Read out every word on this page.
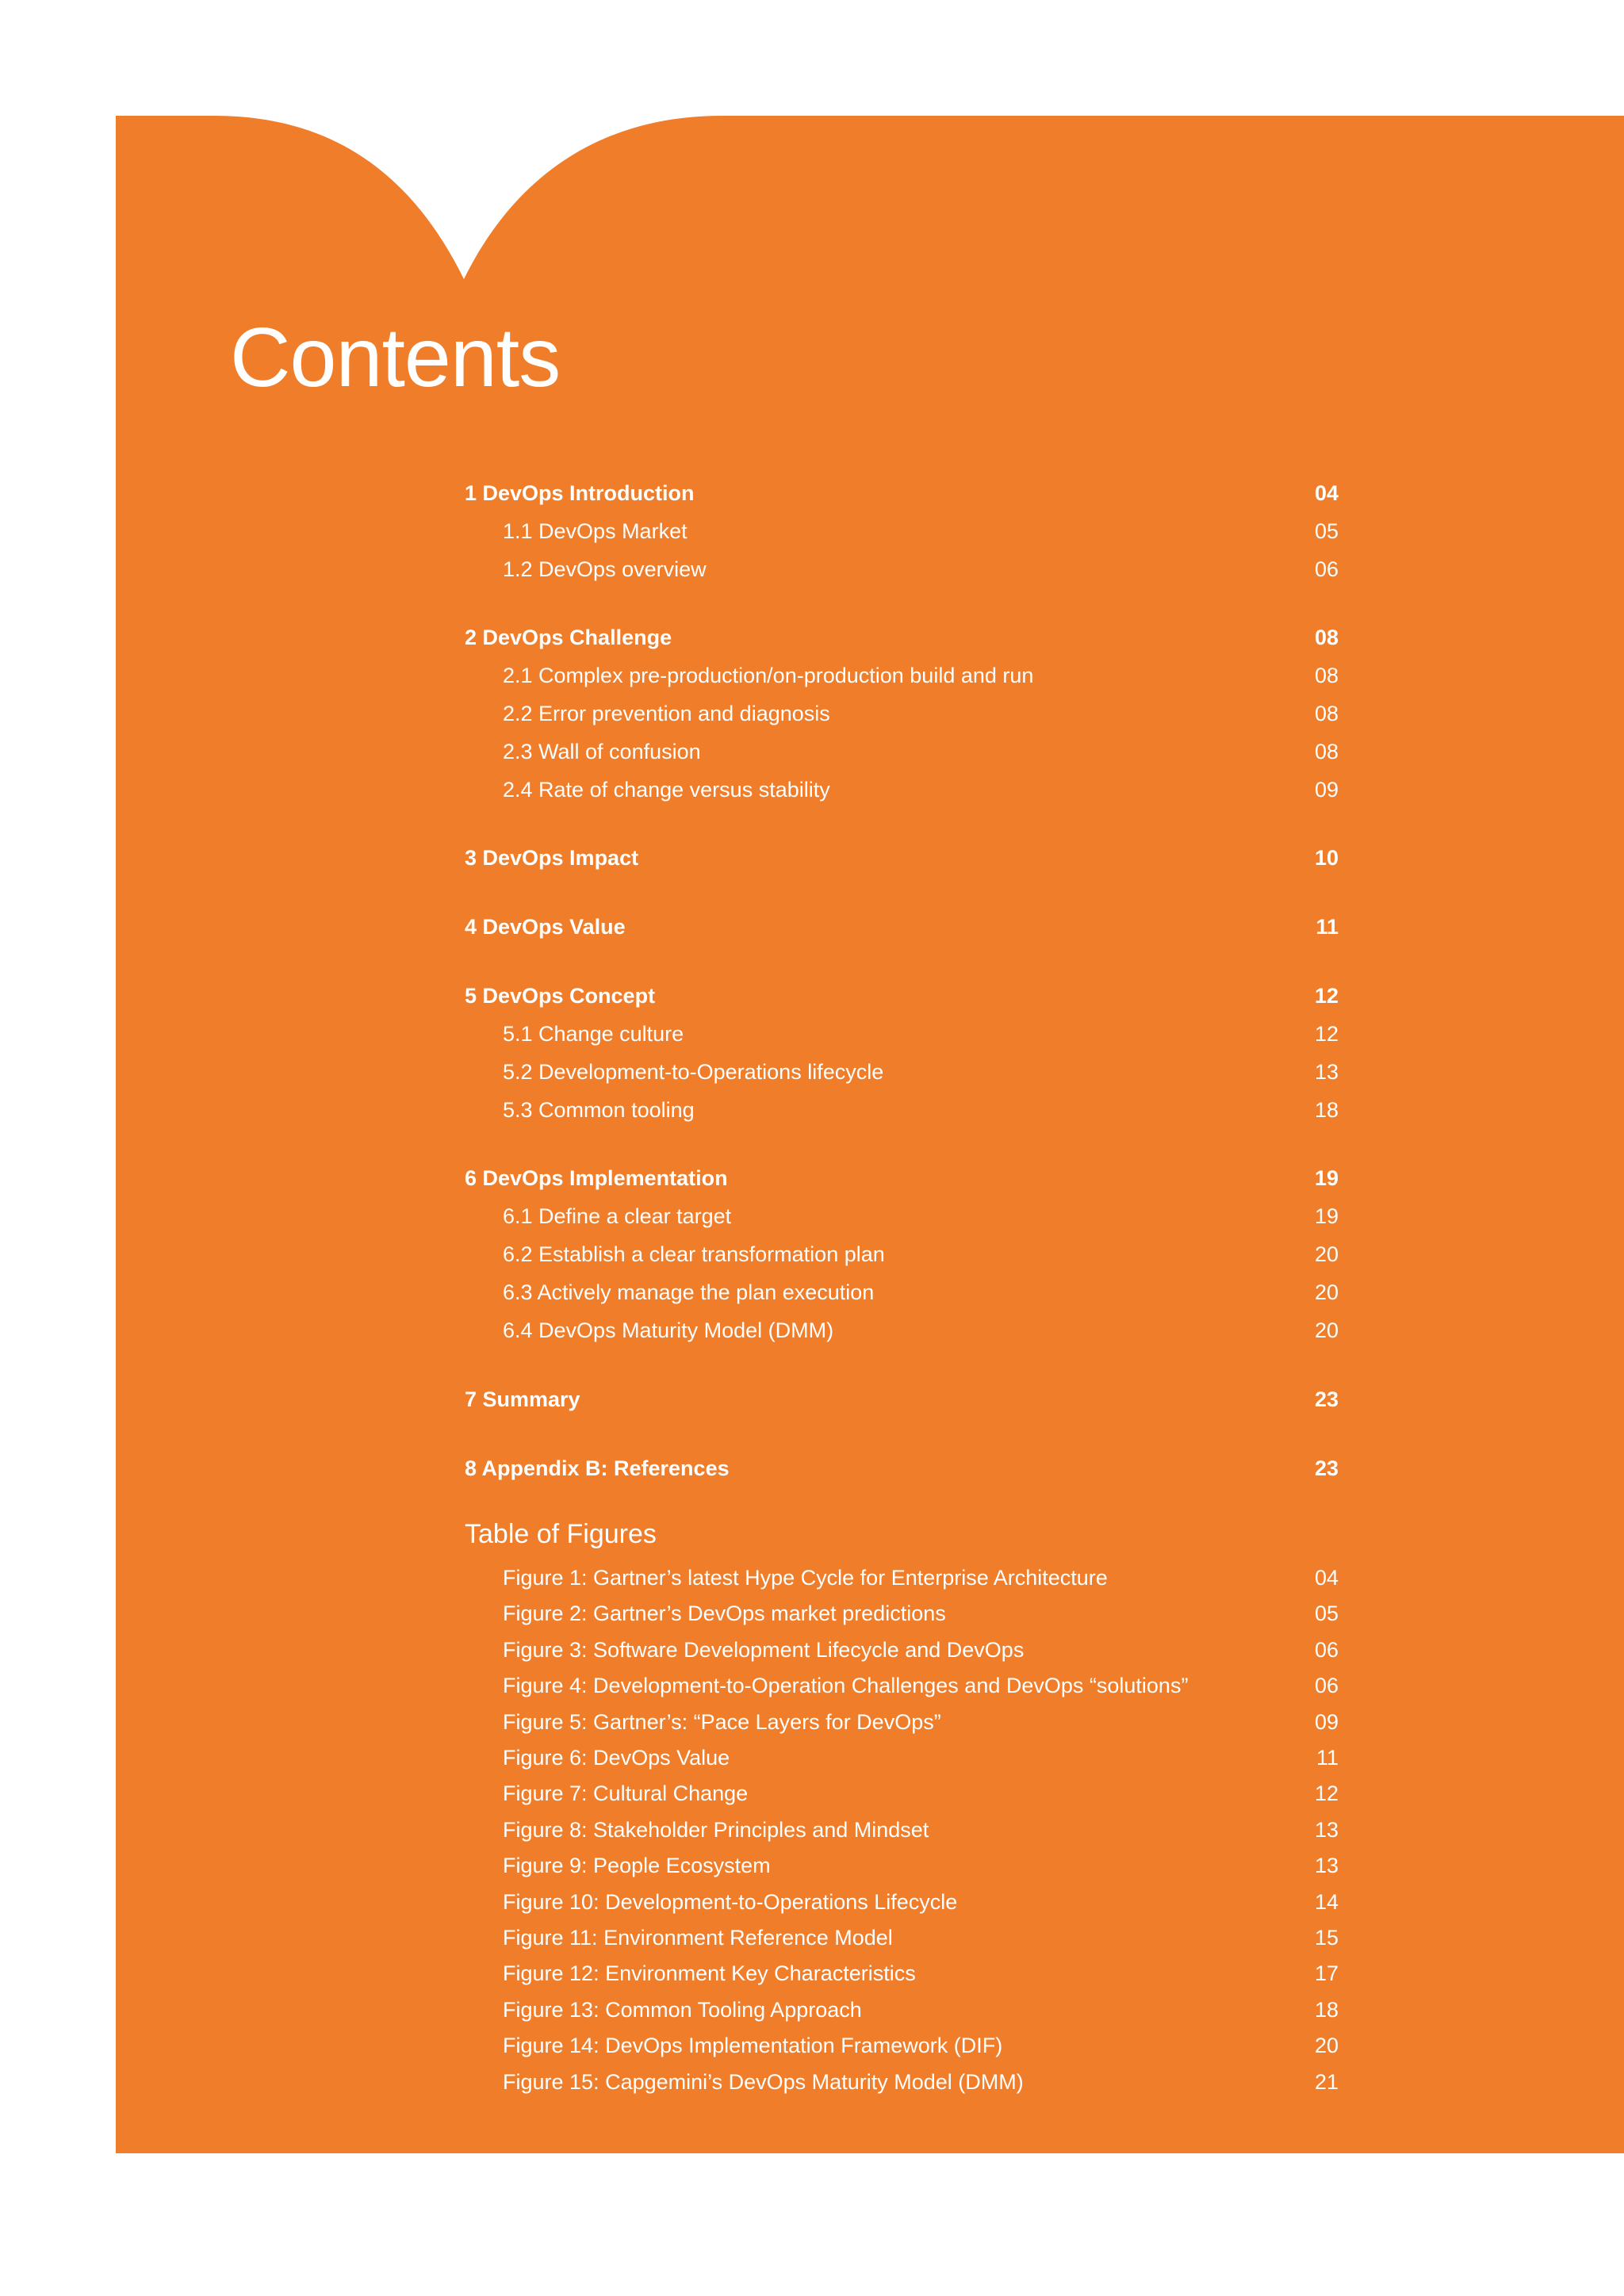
Contents
1 DevOps Introduction	04
1.1 DevOps Market	05
1.2 DevOps overview	06
2 DevOps Challenge	08
2.1 Complex pre-production/on-production build and run	08
2.2 Error prevention and diagnosis	08
2.3 Wall of confusion	08
2.4 Rate of change versus stability	09
3 DevOps Impact	10
4 DevOps Value	11
5 DevOps Concept	12
5.1 Change culture	12
5.2 Development-to-Operations lifecycle	13
5.3 Common tooling	18
6 DevOps Implementation	19
6.1 Define a clear target	19
6.2 Establish a clear transformation plan	20
6.3 Actively manage the plan execution	20
6.4 DevOps Maturity Model (DMM)	20
7 Summary	23
8 Appendix B: References	23
Table of Figures
Figure 1: Gartner’s latest Hype Cycle for Enterprise Architecture	04
Figure 2: Gartner’s DevOps market predictions	05
Figure 3: Software Development Lifecycle and DevOps	06
Figure 4: Development-to-Operation Challenges and DevOps “solutions”	06
Figure 5: Gartner’s: “Pace Layers for DevOps”	09
Figure 6: DevOps Value	11
Figure 7: Cultural Change	12
Figure 8: Stakeholder Principles and Mindset	13
Figure 9: People Ecosystem	13
Figure 10: Development-to-Operations Lifecycle	14
Figure 11: Environment Reference Model	15
Figure 12: Environment Key Characteristics	17
Figure 13: Common Tooling Approach	18
Figure 14: DevOps Implementation Framework (DIF)	20
Figure 15: Capgemini’s DevOps Maturity Model (DMM)	21
